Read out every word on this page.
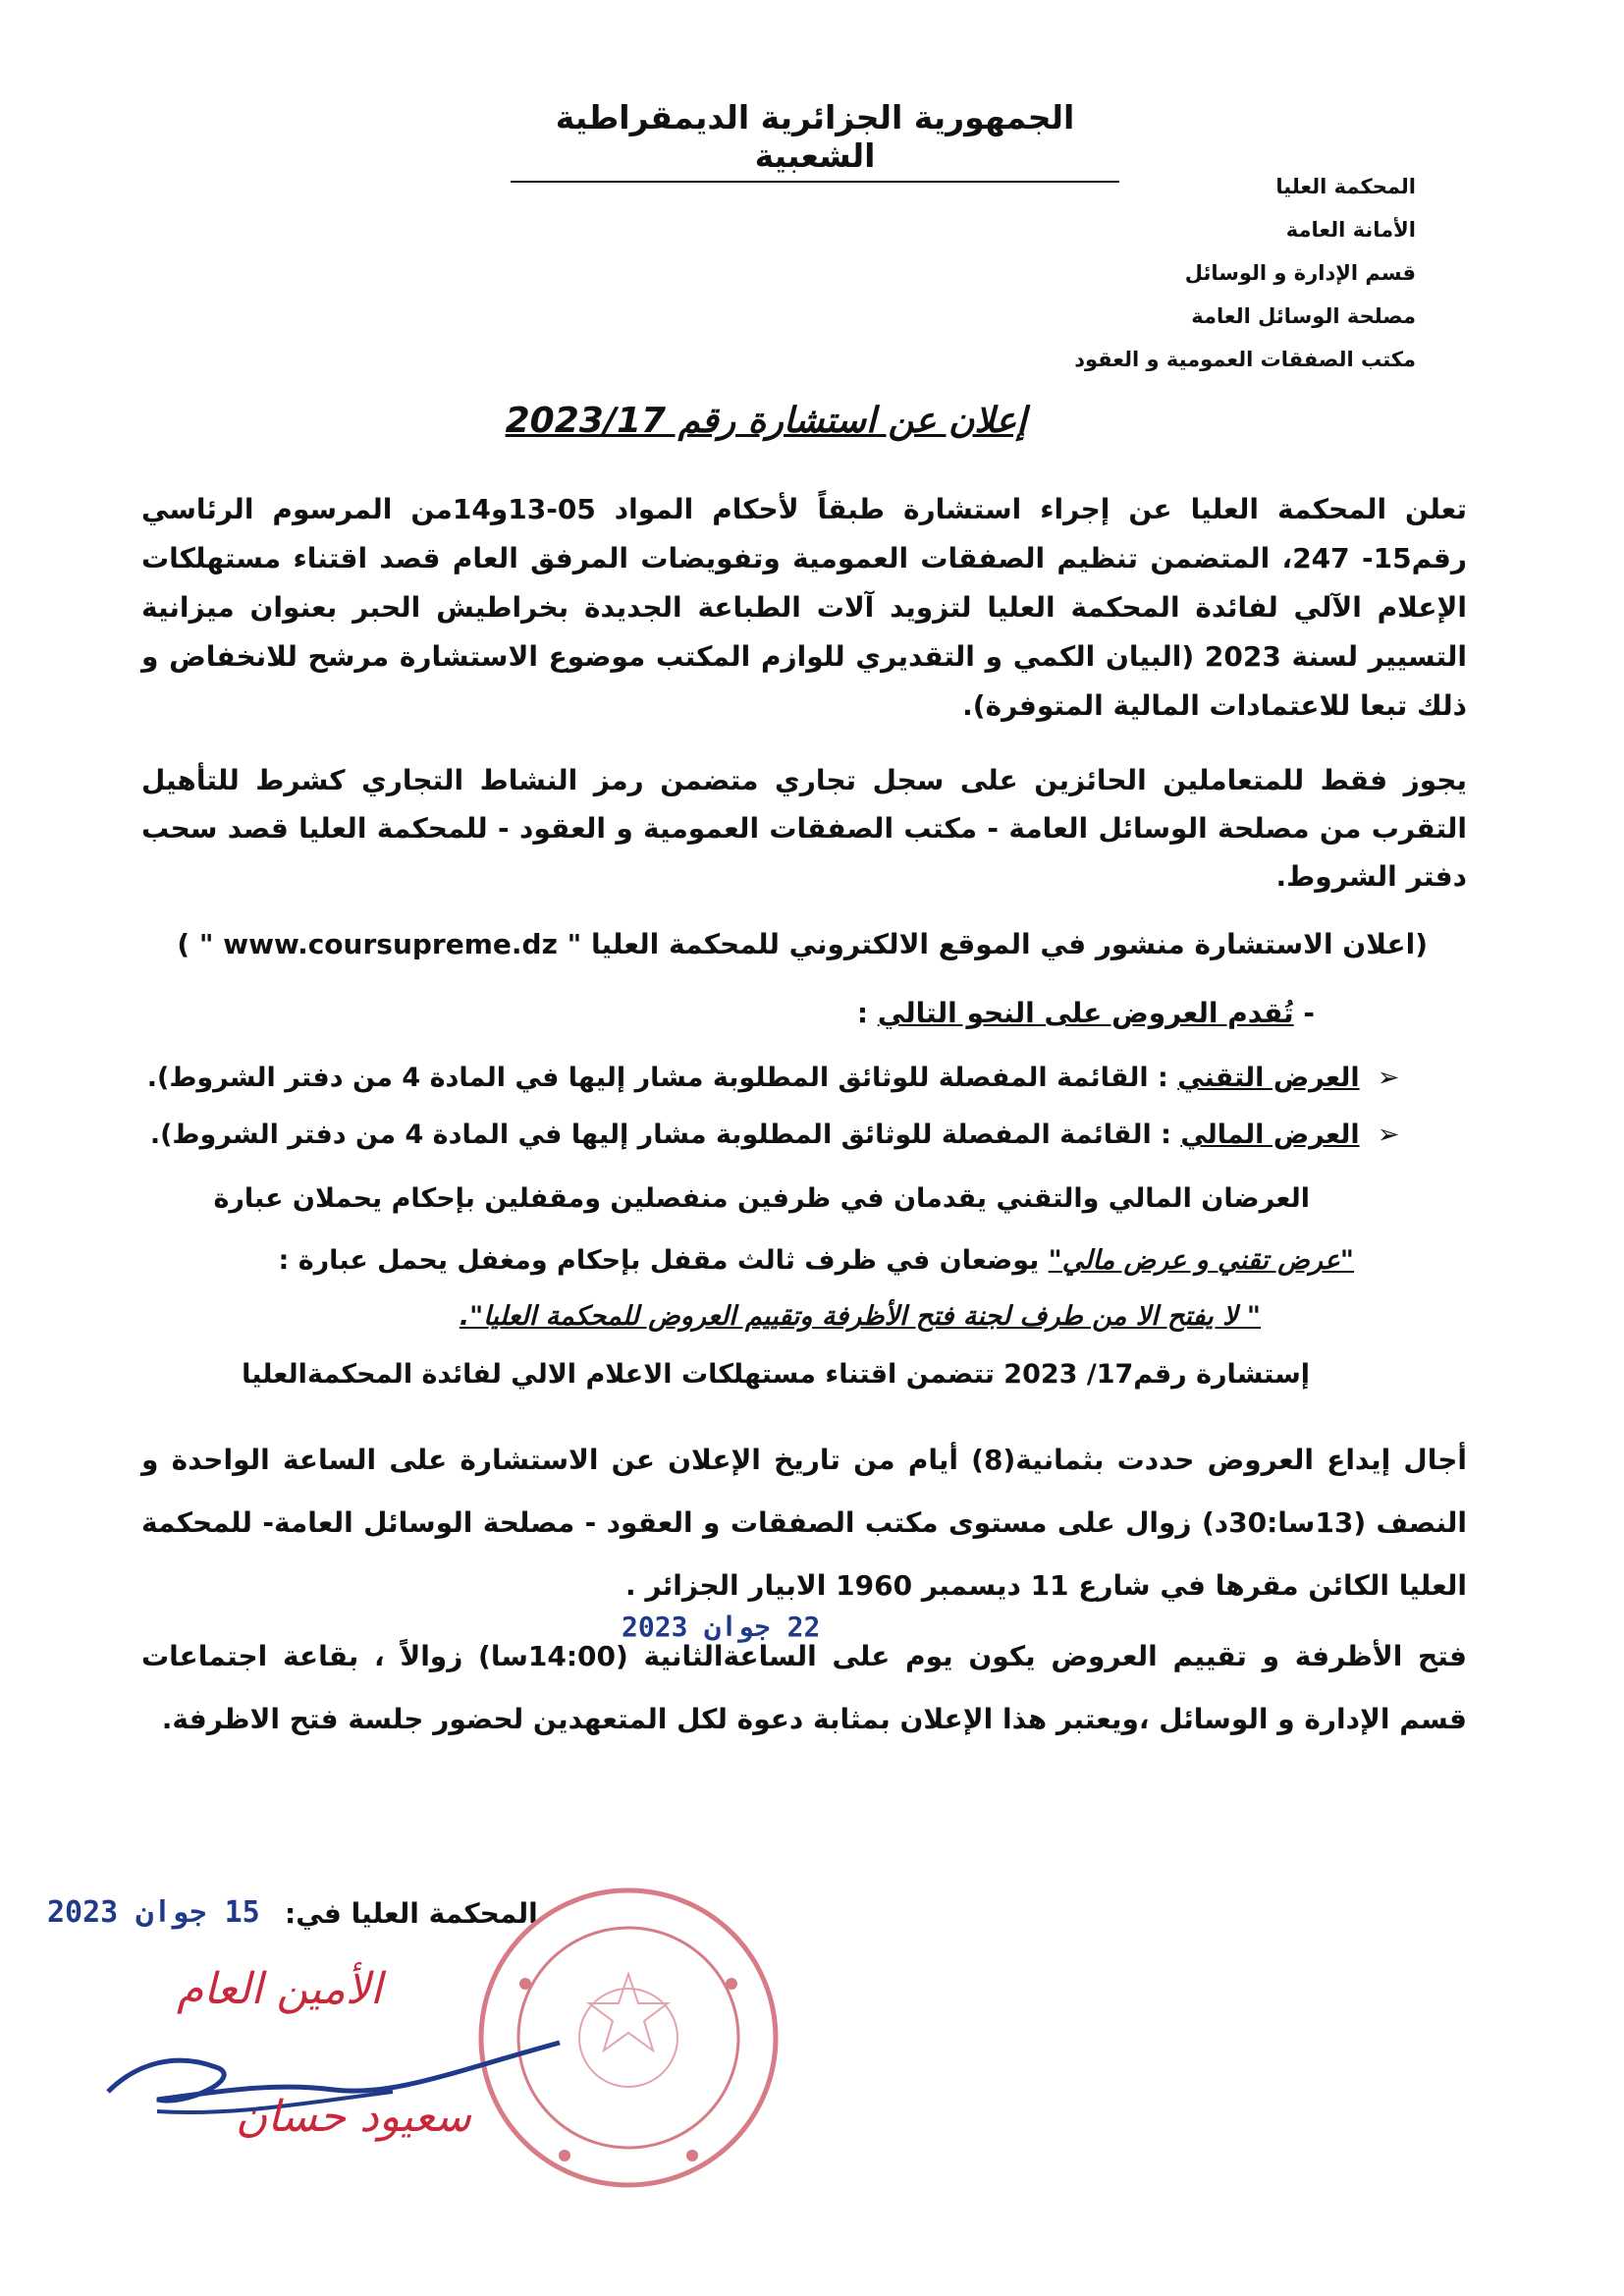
الجمهورية الجزائرية الديمقراطية الشعبية
المحكمة العليا
الأمانة العامة
قسم الإدارة و الوسائل
مصلحة الوسائل العامة
مكتب الصفقات العمومية و العقود
إعلان عن استشارة رقم 2023/17
تعلن المحكمة العليا عن إجراء استشارة طبقاً لأحكام المواد 05-13و14من المرسوم الرئاسي رقم15- 247، المتضمن تنظيم الصفقات العمومية وتفويضات المرفق العام قصد اقتناء مستهلكات الإعلام الآلي لفائدة المحكمة العليا لتزويد آلات الطباعة الجديدة بخراطيش الحبر بعنوان ميزانية التسيير لسنة 2023 (البيان الكمي و التقديري للوازم المكتب موضوع الاستشارة مرشح للانخفاض و ذلك تبعا للاعتمادات المالية المتوفرة).
يجوز فقط للمتعاملين الحائزين على سجل تجاري متضمن رمز النشاط التجاري كشرط للتأهيل التقرب من مصلحة الوسائل العامة - مكتب الصفقات العمومية و العقود - للمحكمة العليا قصد سحب دفتر الشروط.
(اعلان الاستشارة منشور في الموقع الالكتروني للمحكمة العليا " www.coursupreme.dz " )
- تُقدم العروض على النحو التالي :
➢ العرض التقني : القائمة المفصلة للوثائق المطلوبة مشار إليها في المادة 4 من دفتر الشروط).
➢ العرض المالي : القائمة المفصلة للوثائق المطلوبة مشار إليها في المادة 4 من دفتر الشروط).
العرضان المالي والتقني يقدمان في ظرفين منفصلين ومقفلين بإحكام يحملان عبارة
"عرض تقني و عرض مالي" يوضعان في ظرف ثالث مقفل بإحكام ومغفل يحمل عبارة :
" لا يفتح الا من طرف لجنة فتح الأظرفة وتقييم العروض للمحكمة العليا".
إستشارة رقم17/ 2023 تتضمن اقتناء مستهلكات الاعلام الالي لفائدة المحكمةالعليا
أجال إيداع العروض حددت بثمانية(8) أيام من تاريخ الإعلان عن الاستشارة على الساعة الواحدة و النصف (13سا:30د) زوال على مستوى مكتب الصفقات و العقود - مصلحة الوسائل العامة- للمحكمة العليا الكائن مقرها في شارع 11 ديسمبر 1960 الابيار الجزائر .
فتح الأظرفة و تقييم العروض يكون يوم على الساعةالثانية (14:00سا) زوالاً ، بقاعة اجتماعات قسم الإدارة و الوسائل ،ويعتبر هذا الإعلان بمثابة دعوة لكل المتعهدين لحضور جلسة فتح الاظرفة.
22 جوان 2023
المحكمة العليا في:
15 جوان 2023
الأمين العام
سعيود حسان
